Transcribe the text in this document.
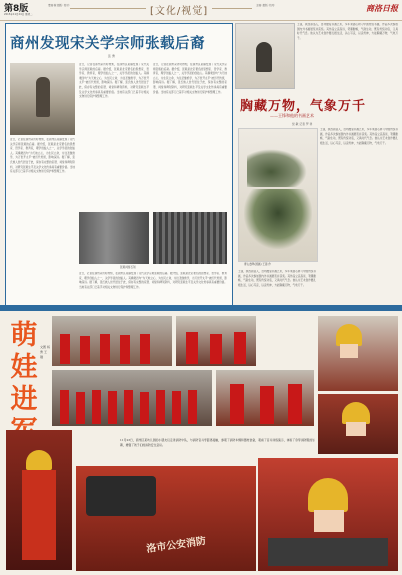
第8版
2015年11月24日 星期二
责编:陈 组版: 校对:
[文化/视觉]
主编: 组版: 校对:	商洛日报
商州发现宋关学宗师张载后裔
张 勇
近日，记者在商州采访时得知，在商州区某镇发现了宋代关学宗师张载的后裔。据介绍，张载是北宋著名的思想家、哲学家、教育家，理学创始人之一，关学学派的创始人。其横渠四句“为天地立心，为生民立命，为往圣继绝学，为万世开太平”被历代传颂，影响深远。据了解，张氏族人世代居住于此，保存有完整的家谱、祠堂和碑刻资料，对研究张载生平及关学文化传承具有重要价值。当地有关部门已着手对相关文物进行保护和整理工作。
近日，记者在商州采访时得知，在商州区某镇发现了宋代关学宗师张载的后裔。据介绍，张载是北宋著名的思想家、哲学家、教育家，理学创始人之一，关学学派的创始人。其横渠四句“为天地立心，为生民立命，为往圣继绝学，为万世开太平”被历代传颂，影响深远。据了解，张氏族人世代居住于此，保存有完整的家谱、祠堂和碑刻资料，对研究张载生平及关学文化传承具有重要价值。当地有关部门已着手对相关文物进行保护和整理工作。
近日，记者在商州采访时得知，在商州区某镇发现了宋代关学宗师张载的后裔。据介绍，张载是北宋著名的思想家、哲学家、教育家，理学创始人之一，关学学派的创始人。其横渠四句“为天地立心，为生民立命，为往圣继绝学，为万世开太平”被历代传颂，影响深远。据了解，张氏族人世代居住于此，保存有完整的家谱、祠堂和碑刻资料，对研究张载生平及关学文化传承具有重要价值。当地有关部门已着手对相关文物进行保护和整理工作。
张载祠堂石刻
近日，记者在商州采访时得知，在商州区某镇发现了宋代关学宗师张载的后裔。据介绍，张载是北宋著名的思想家、哲学家、教育家，理学创始人之一，关学学派的创始人。其横渠四句“为天地立心，为生民立命，为往圣继绝学，为万世开太平”被历代传颂，影响深远。据了解，张氏族人世代居住于此，保存有完整的家谱、祠堂和碑刻资料，对研究张载生平及关学文化传承具有重要价值。当地有关部门已着手对相关文物进行保护和整理工作。
王锋，陕西商洛人，自幼酷爱书画艺术，多年来潜心研习中国传统书画，作品多次参加国内外书画展览并获奖。其作品立意高远，笔墨酣畅，气韵生动，既有传统功底，又具时代气息。他认为艺术创作要扎根生活，以心写意，以意传神，方能胸藏万物，气象万千。
胸藏万物，气象万千
——王锋和他的书画艺术
党 敏 记者 罗 祥
青山叠翠(国画) 王锋 作
王锋，陕西商洛人，自幼酷爱书画艺术，多年来潜心研习中国传统书画，作品多次参加国内外书画展览并获奖。其作品立意高远，笔墨酣畅，气韵生动，既有传统功底，又具时代气息。他认为艺术创作要扎根生活，以心写意，以意传神，方能胸藏万物，气象万千。
王锋，陕西商洛人，自幼酷爱书画艺术，多年来潜心研习中国传统书画，作品多次参加国内外书画展览并获奖。其作品立意高远，笔墨酣畅，气韵生动，既有传统功底，又具时代气息。他认为艺术创作要扎根生活，以心写意，以意传神，方能胸藏万物，气象万千。
萌娃进
文图 杨 勇 王 刚
11月23日，商州区某幼儿园的小朋友们走进消防中队，与消防官兵零距离接触，参观了消防车辆和器材装备，观看了官兵训练演示，体验了身穿消防服的乐趣，增强了孩子们的消防安全意识。
洛市公安消防
